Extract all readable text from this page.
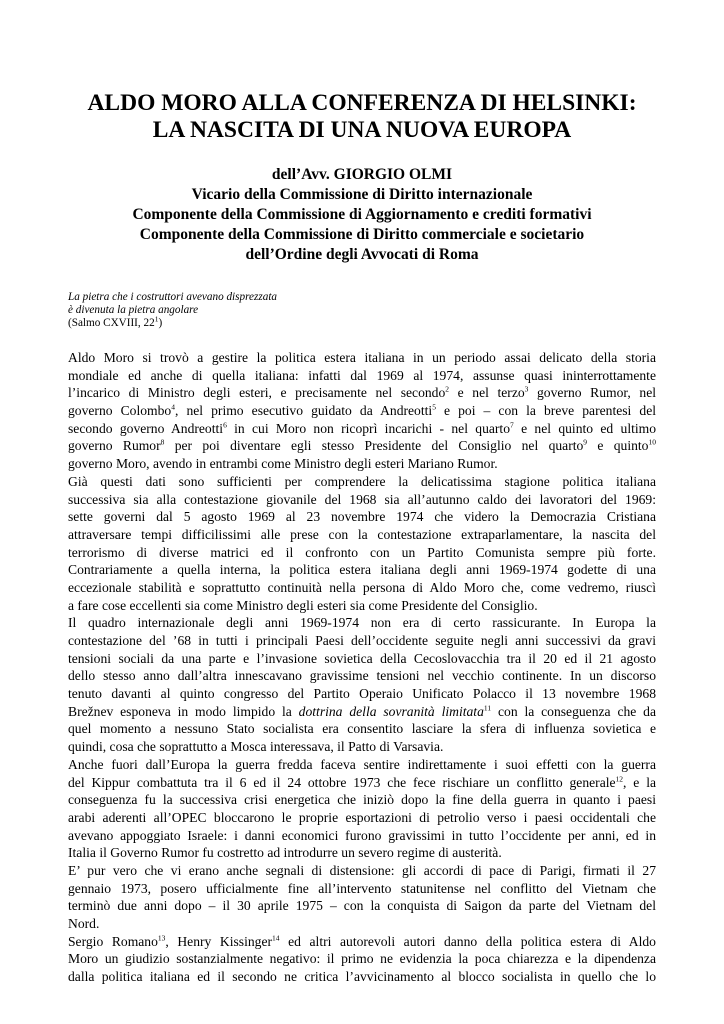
ALDO MORO ALLA CONFERENZA DI HELSINKI:
LA NASCITA DI UNA NUOVA EUROPA
dell’Avv. GIORGIO OLMI
Vicario della Commissione di Diritto internazionale
Componente della Commissione di Aggiornamento e crediti formativi
Componente della Commissione di Diritto commerciale e societario
dell’Ordine degli Avvocati di Roma
La pietra che i costruttori avevano disprezzata
è divenuta la pietra angolare
(Salmo CXVIII, $22^1$)
Aldo Moro si trovò a gestire la politica estera italiana in un periodo assai delicato della storia
mondiale ed anche di quella italiana: infatti dal 1969 al 1974, assunse quasi ininterrottamente
l’incarico di Ministro degli esteri, e precisamente nel secondo$^2$ e nel terzo$^3$ governo Rumor, nel
governo Colombo$^4$, nel primo esecutivo guidato da Andreotti$^5$ e poi – con la breve parentesi del
secondo governo Andreotti$^6$ in cui Moro non ricoprì incarichi - nel quarto$^7$ e nel quinto ed ultimo
governo Rumor$^8$ per poi diventare egli stesso Presidente del Consiglio nel quarto$^9$ e quinto$^{10}$
governo Moro, avendo in entrambi come Ministro degli esteri Mariano Rumor.
Già questi dati sono sufficienti per comprendere la delicatissima stagione politica italiana
successiva sia alla contestazione giovanile del 1968 sia all’autunno caldo dei lavoratori del 1969:
sette governi dal 5 agosto 1969 al 23 novembre 1974 che videro la Democrazia Cristiana
attraversare tempi difficilissimi alle prese con la contestazione extraparlamentare, la nascita del
terrorismo di diverse matrici ed il confronto con un Partito Comunista sempre più forte.
Contrariamente a quella interna, la politica estera italiana degli anni 1969-1974 godette di una
eccezionale stabilità e soprattutto continuità nella persona di Aldo Moro che, come vedremo, riuscì
a fare cose eccellenti sia come Ministro degli esteri sia come Presidente del Consiglio.
Il quadro internazionale degli anni 1969-1974 non era di certo rassicurante. In Europa la
contestazione del ’68 in tutti i principali Paesi dell’occidente seguite negli anni successivi da gravi
tensioni sociali da una parte e l’invasione sovietica della Cecoslovacchia tra il 20 ed il 21 agosto
dello stesso anno dall’altra innescavano gravissime tensioni nel vecchio continente. In un discorso
tenuto davanti al quinto congresso del Partito Operaio Unificato Polacco il 13 novembre 1968
Brežnev esponeva in modo limpido la dottrina della sovranità limitata$^{11}$ con la conseguenza che da
quel momento a nessuno Stato socialista era consentito lasciare la sfera di influenza sovietica e
quindi, cosa che soprattutto a Mosca interessava, il Patto di Varsavia.
Anche fuori dall’Europa la guerra fredda faceva sentire indirettamente i suoi effetti con la guerra
del Kippur combattuta tra il 6 ed il 24 ottobre 1973 che fece rischiare un conflitto generale$^{12}$, e la
conseguenza fu la successiva crisi energetica che iniziò dopo la fine della guerra in quanto i paesi
arabi aderenti all’OPEC bloccarono le proprie esportazioni di petrolio verso i paesi occidentali che
avevano appoggiato Israele: i danni economici furono gravissimi in tutto l’occidente per anni, ed in
Italia il Governo Rumor fu costretto ad introdurre un severo regime di austerità.
E’ pur vero che vi erano anche segnali di distensione: gli accordi di pace di Parigi, firmati il 27
gennaio 1973, posero ufficialmente fine all’intervento statunitense nel conflitto del Vietnam che
terminò due anni dopo – il 30 aprile 1975 – con la conquista di Saigon da parte del Vietnam del
Nord.
Sergio Romano$^{13}$, Henry Kissinger$^{14}$ ed altri autorevoli autori danno della politica estera di Aldo
Moro un giudizio sostanzialmente negativo: il primo ne evidenzia la poca chiarezza e la dipendenza
dalla politica italiana ed il secondo ne critica l’avvicinamento al blocco socialista in quello che lo
